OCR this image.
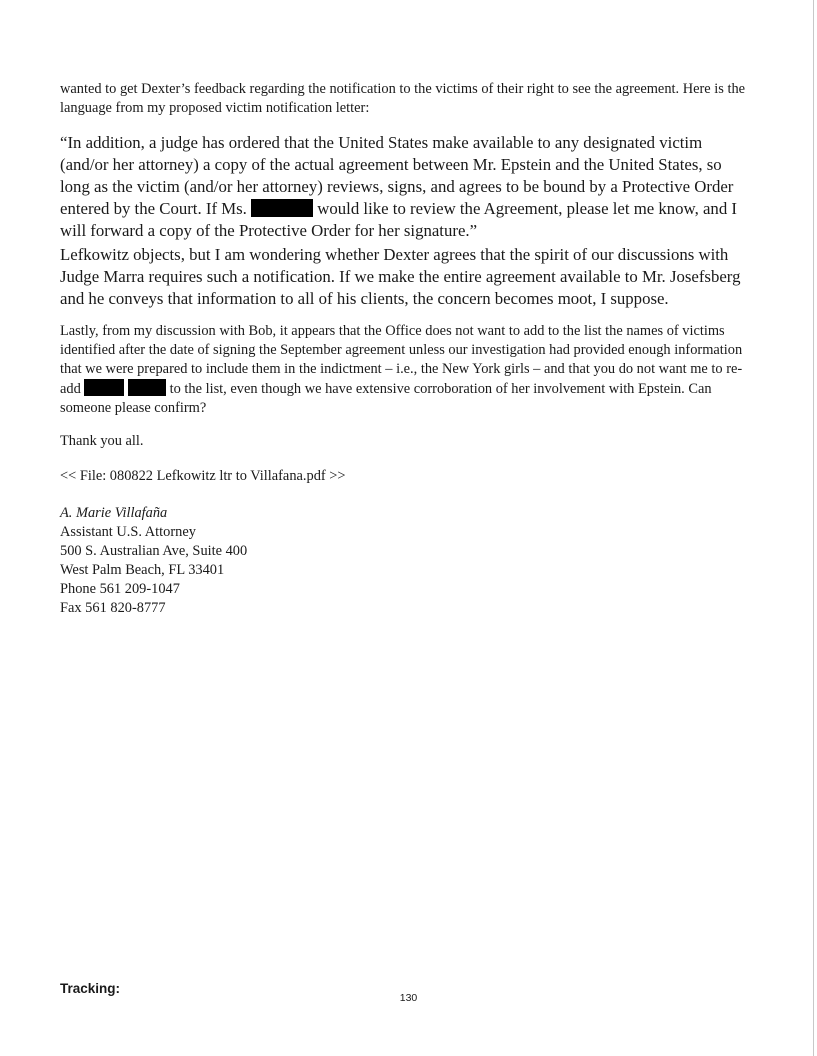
wanted to get Dexter’s feedback regarding the notification to the victims of their right to see the agreement. Here is the language from my proposed victim notification letter:

“In addition, a judge has ordered that the United States make available to any designated victim (and/or her attorney) a copy of the actual agreement between Mr. Epstein and the United States, so long as the victim (and/or her attorney) reviews, signs, and agrees to be bound by a Protective Order entered by the Court. If Ms.	would like to review the Agreement, please let me know, and I will forward a copy of the Protective Order for her signature.”

Lefkowitz objects, but I am wondering whether Dexter agrees that the spirit of our discussions with Judge Marra requires such a notification. If we make the entire agreement available to Mr. Josefsberg and he conveys that information to all of his clients, the concern becomes moot, I suppose.

Lastly, from my discussion with Bob, it appears that the Office does not want to add to the list the names of victims identified after the date of signing the September agreement unless our investigation had provided enough information that we were prepared to include them in the indictment – i.e., the New York girls – and that you do not want me to re-add	to the list, even though we have extensive corroboration of her involvement with Epstein. Can someone please confirm?

Thank you all.

<< File: 080822 Lefkowitz ltr to Villafana.pdf >>

A. Marie Villafaña
Assistant U.S. Attorney
500 S. Australian Ave, Suite 400
West Palm Beach, FL 33401
Phone 561 209-1047
Fax 561 820-8777
Tracking:
130
